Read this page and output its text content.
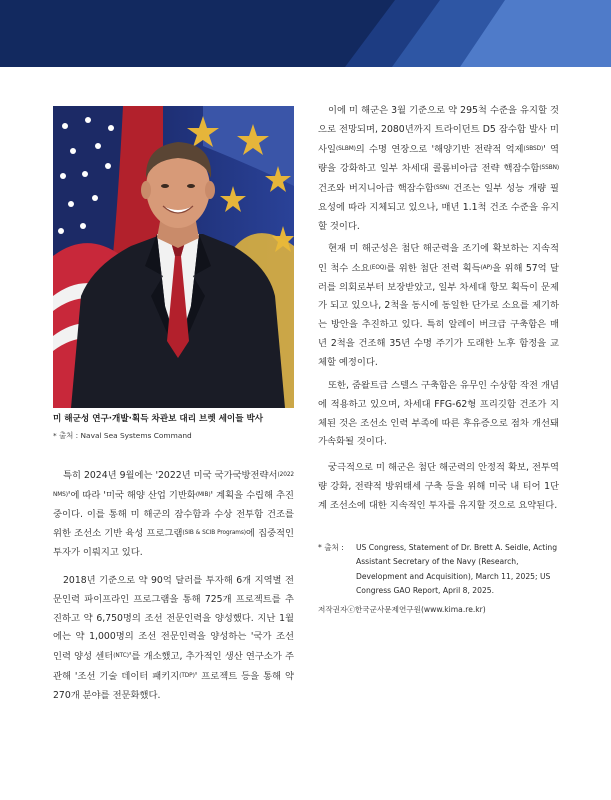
미 해군성 연구·개발·획득 차관보 대리 브렛 세이들 박사
* 출처 : Naval Sea Systems Command

특히 2024년 9월에는 '2022년 미국 국가국방전략서$^{(2022 NMS)}$'에 따라 '미국 해양 산업 기반화$^{(MIB)}$' 계획을 수립해 추진 중이다. 이를 통해 미 해군의 잠수함과 수상 전투함 건조를 위한 조선소 기반 육성 프로그램$^{(SIB \& SCIB Programs)}$에 집중적인 투자가 이뤄지고 있다.

2018년 기준으로 약 90억 달러를 투자해 6개 지역별 전문인력 파이프라인 프로그램을 통해 725개 프로젝트를 추진하고 약 6,750명의 조선 전문인력을 양성했다. 지난 1월에는 약 1,000명의 조선 전문인력을 양성하는 '국가 조선 인력 양성 센터$^{(NTC)}$'를 개소했고, 추가적인 생산 연구소가 주관해 '조선 기술 데이터 패키지$^{(TDP)}$' 프로젝트 등을 통해 약 270개 분야를 전문화했다.

이에 미 해군은 3월 기준으로 약 295척 수준을 유지할 것으로 전망되며, 2080년까지 트라이던트 D5 잠수함 발사 미사일$^{(SLBM)}$의 수명 연장으로 '해양기반 전략적 억제$^{(SBSD)}$' 역량을 강화하고 일부 차세대 콜롬비아급 전략 핵잠수함$^{(SSBN)}$ 건조와 버지니아급 핵잠수함$^{(SSN)}$ 건조는 일부 성능 개량 필요성에 따라 지체되고 있으나, 매년 1.1척 건조 수준을 유지할 것이다.

현재 미 해군성은 첨단 해군력을 조기에 확보하는 지속적인 척수 소요$^{(EOQ)}$를 위한 첨단 전력 획득$^{(AP)}$을 위해 57억 달러를 의회로부터 보장받았고, 일부 차세대 항모 획득이 문제가 되고 있으나, 2척을 동시에 동일한 단가로 소요를 제기하는 방안을 추진하고 있다. 특히 알레이 버크급 구축함은 매년 2척을 건조해 35년 수명 주기가 도래한 노후 함정을 교체할 예정이다.

또한, 줌왈트급 스텔스 구축함은 유무인 수상함 작전 개념에 적용하고 있으며, 차세대 FFG-62형 프리깃함 건조가 지체된 것은 조선소 인력 부족에 따른 후유증으로 점차 개선돼 가속화될 것이다.

궁극적으로 미 해군은 첨단 해군력의 안정적 확보, 전투역량 강화, 전략적 방위태세 구축 등을 위해 미국 내 티어 1단계 조선소에 대한 지속적인 투자를 유지할 것으로 요약된다.

* 출처 : US Congress, Statement of Dr. Brett A. Seidle, Acting Assistant Secretary of the Navy (Research, Development and Acquisition), March 11, 2025; US Congress GAO Report, April 8, 2025.
저작권자ⓒ한국군사문제연구원(www.kima.re.kr)
